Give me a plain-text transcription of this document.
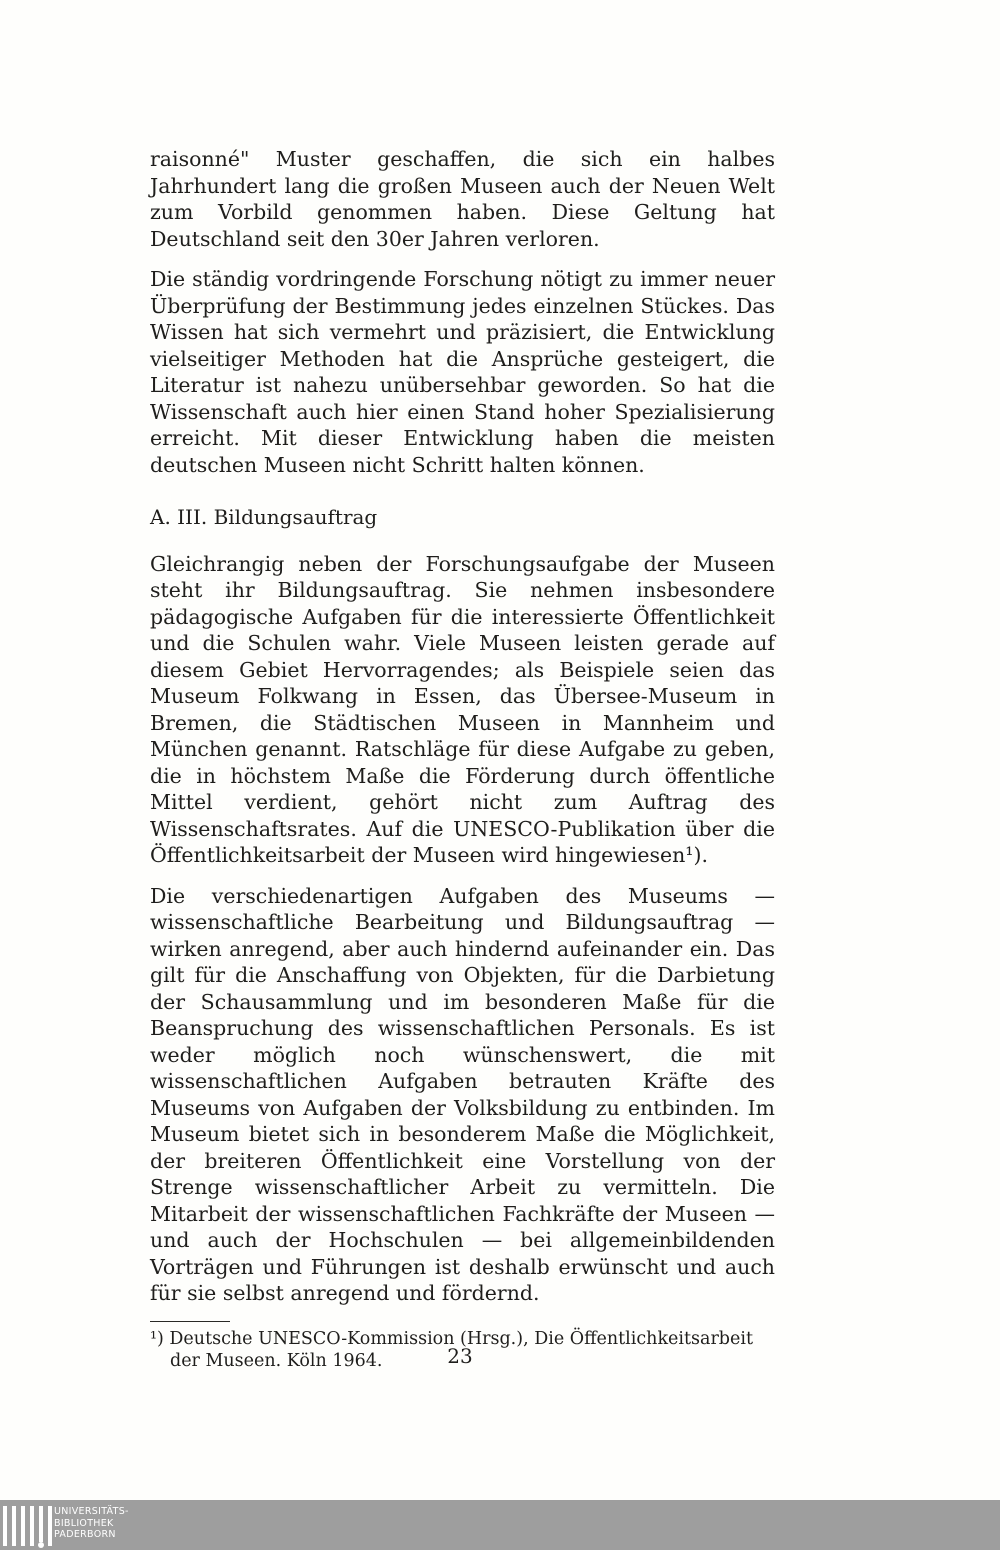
raisonné" Muster geschaffen, die sich ein halbes Jahrhundert lang die großen Museen auch der Neuen Welt zum Vorbild genommen haben. Diese Geltung hat Deutschland seit den 30er Jahren verloren.

Die ständig vordringende Forschung nötigt zu immer neuer Überprüfung der Bestimmung jedes einzelnen Stückes. Das Wissen hat sich vermehrt und präzisiert, die Entwicklung vielseitiger Methoden hat die Ansprüche gesteigert, die Literatur ist nahezu unübersehbar geworden. So hat die Wissenschaft auch hier einen Stand hoher Spezialisierung erreicht. Mit dieser Entwicklung haben die meisten deutschen Museen nicht Schritt halten können.

A. III. Bildungsauftrag

Gleichrangig neben der Forschungsaufgabe der Museen steht ihr Bildungsauftrag. Sie nehmen insbesondere pädagogische Aufgaben für die interessierte Öffentlichkeit und die Schulen wahr. Viele Museen leisten gerade auf diesem Gebiet Hervorragendes; als Beispiele seien das Museum Folkwang in Essen, das Übersee-Museum in Bremen, die Städtischen Museen in Mannheim und München genannt. Ratschläge für diese Aufgabe zu geben, die in höchstem Maße die Förderung durch öffentliche Mittel verdient, gehört nicht zum Auftrag des Wissenschaftsrates. Auf die UNESCO-Publikation über die Öffentlichkeitsarbeit der Museen wird hingewiesen¹).

Die verschiedenartigen Aufgaben des Museums — wissenschaftliche Bearbeitung und Bildungsauftrag — wirken anregend, aber auch hindernd aufeinander ein. Das gilt für die Anschaffung von Objekten, für die Darbietung der Schausammlung und im besonderen Maße für die Beanspruchung des wissenschaftlichen Personals. Es ist weder möglich noch wünschenswert, die mit wissenschaftlichen Aufgaben betrauten Kräfte des Museums von Aufgaben der Volksbildung zu entbinden. Im Museum bietet sich in besonderem Maße die Möglichkeit, der breiteren Öffentlichkeit eine Vorstellung von der Strenge wissenschaftlicher Arbeit zu vermitteln. Die Mitarbeit der wissenschaftlichen Fachkräfte der Museen — und auch der Hochschulen — bei allgemeinbildenden Vorträgen und Führungen ist deshalb erwünscht und auch für sie selbst anregend und fördernd.

¹) Deutsche UNESCO-Kommission (Hrsg.), Die Öffentlichkeitsarbeit der Museen. Köln 1964.	23
UNIVERSITÄTS-
BIBLIOTHEK
PADERBORN
